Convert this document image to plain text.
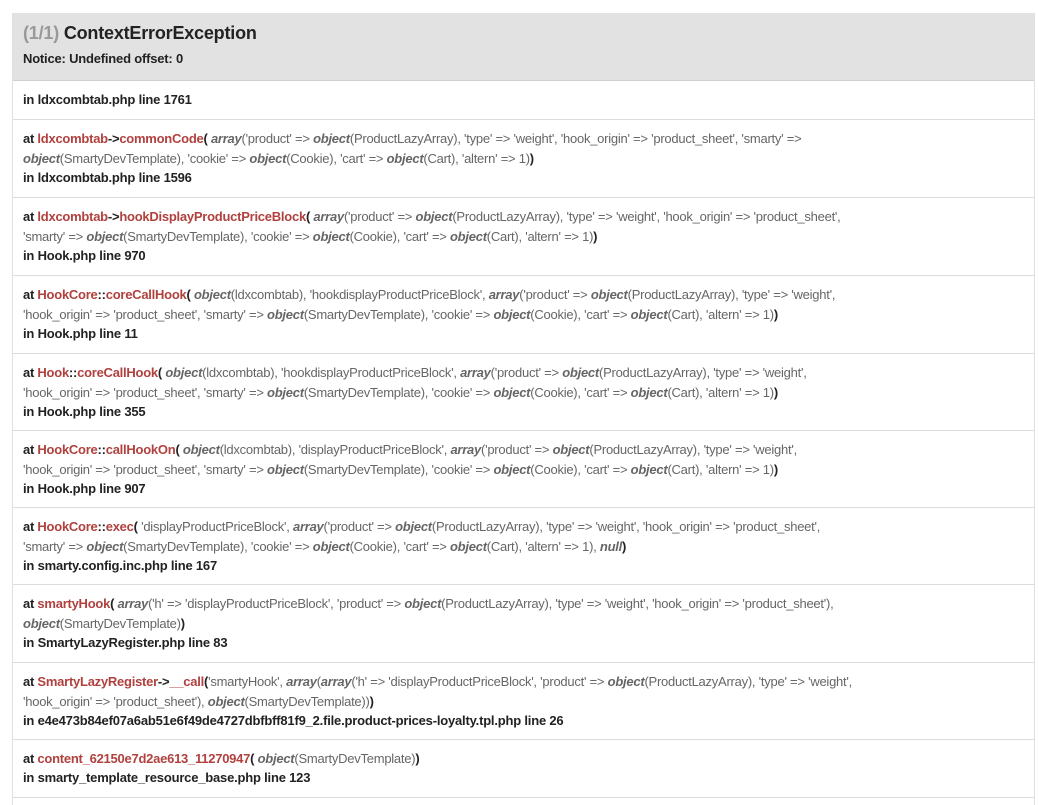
(1/1) ContextErrorException
Notice: Undefined offset: 0
in ldxcombtab.php line 1761
at ldxcombtab->commonCode( array('product' => object(ProductLazyArray), 'type' => 'weight', 'hook_origin' => 'product_sheet', 'smarty' =>
object(SmartyDevTemplate), 'cookie' => object(Cookie), 'cart' => object(Cart), 'altern' => 1))
in ldxcombtab.php line 1596
at ldxcombtab->hookDisplayProductPriceBlock( array('product' => object(ProductLazyArray), 'type' => 'weight', 'hook_origin' => 'product_sheet',
'smarty' => object(SmartyDevTemplate), 'cookie' => object(Cookie), 'cart' => object(Cart), 'altern' => 1))
in Hook.php line 970
at HookCore::coreCallHook( object(ldxcombtab), 'hookdisplayProductPriceBlock', array('product' => object(ProductLazyArray), 'type' => 'weight',
'hook_origin' => 'product_sheet', 'smarty' => object(SmartyDevTemplate), 'cookie' => object(Cookie), 'cart' => object(Cart), 'altern' => 1))
in Hook.php line 11
at Hook::coreCallHook( object(ldxcombtab), 'hookdisplayProductPriceBlock', array('product' => object(ProductLazyArray), 'type' => 'weight',
'hook_origin' => 'product_sheet', 'smarty' => object(SmartyDevTemplate), 'cookie' => object(Cookie), 'cart' => object(Cart), 'altern' => 1))
in Hook.php line 355
at HookCore::callHookOn( object(ldxcombtab), 'displayProductPriceBlock', array('product' => object(ProductLazyArray), 'type' => 'weight',
'hook_origin' => 'product_sheet', 'smarty' => object(SmartyDevTemplate), 'cookie' => object(Cookie), 'cart' => object(Cart), 'altern' => 1))
in Hook.php line 907
at HookCore::exec( 'displayProductPriceBlock', array('product' => object(ProductLazyArray), 'type' => 'weight', 'hook_origin' => 'product_sheet',
'smarty' => object(SmartyDevTemplate), 'cookie' => object(Cookie), 'cart' => object(Cart), 'altern' => 1), null)
in smarty.config.inc.php line 167
at smartyHook( array('h' => 'displayProductPriceBlock', 'product' => object(ProductLazyArray), 'type' => 'weight', 'hook_origin' => 'product_sheet'),
object(SmartyDevTemplate))
in SmartyLazyRegister.php line 83
at SmartyLazyRegister->__call('smartyHook', array(array('h' => 'displayProductPriceBlock', 'product' => object(ProductLazyArray), 'type' => 'weight',
'hook_origin' => 'product_sheet'), object(SmartyDevTemplate)))
in e4e473b84ef07a6ab51e6f49de4727dbfbff81f9_2.file.product-prices-loyalty.tpl.php line 26
at content_62150e7d2ae613_11270947( object(SmartyDevTemplate))
in smarty_template_resource_base.php line 123
